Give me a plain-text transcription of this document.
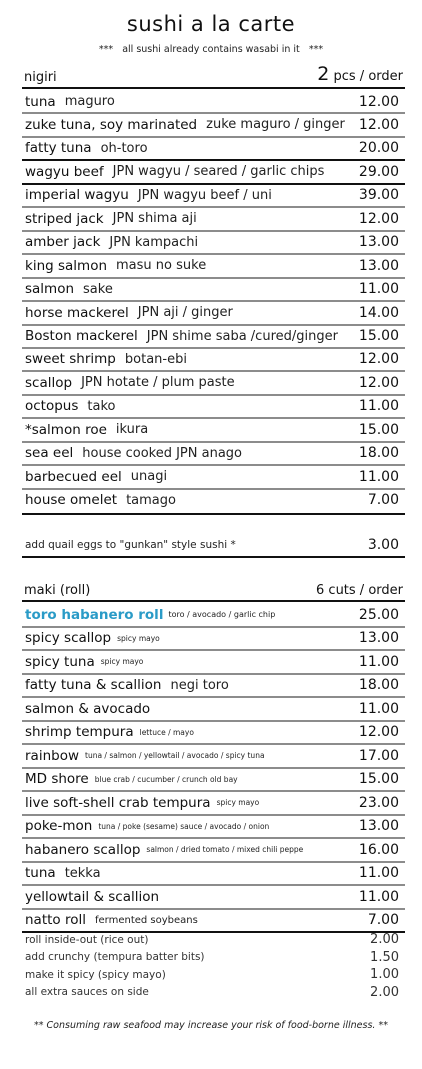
sushi a la carte
***   all sushi already contains wasabi in it   ***
nigiri	2 pcs / order
add quail eggs to "gunkan" style sushi *	3.00
maki (roll)	6 cuts / order
** Consuming raw seafood may increase your risk of food-borne illness. **
tuna maguro	12.00
zuke tuna, soy marinated zuke maguro / ginger 12.00
fatty tuna oh-toro	20.00
wagyu beef JPN wagyu / seared / garlic chips 29.00
imperial wagyu JPN wagyu beef / uni	39.00
striped jack JPN shima aji	12.00
amber jack JPN kampachi	13.00
king salmon masu no suke	13.00
salmon sake	11.00
horse mackerel JPN aji / ginger	14.00
Boston mackerel JPN shime saba /cured/ginger 15.00
sweet shrimp botan-ebi	12.00
scallop JPN hotate / plum paste	12.00
octopus tako	11.00
*salmon roe ikura	15.00
sea eel house cooked JPN anago	18.00
barbecued eel unagi	11.00
house omelet tamago	7.00
toro habanero roll toro / avocado / garlic chip	25.00
spicy scallop spicy mayo	13.00
spicy tuna spicy mayo	11.00
fatty tuna & scallion negi toro	18.00
salmon & avocado	11.00
shrimp tempura lettuce / mayo	12.00
rainbow tuna / salmon / yellowtail / avocado / spicy tuna	17.00
MD shore blue crab / cucumber / crunch old bay	15.00
live soft-shell crab tempura spicy mayo	23.00
poke-mon tuna / poke (sesame) sauce / avocado / onion	13.00
habanero scallop salmon / dried tomato / mixed chili peppe	16.00
tuna tekka	11.00
yellowtail & scallion	11.00
natto roll fermented soybeans	7.00
roll inside-out (rice out)	2.00
add crunchy (tempura batter bits)	1.50
make it spicy (spicy mayo)	1.00
all extra sauces on side	2.00
